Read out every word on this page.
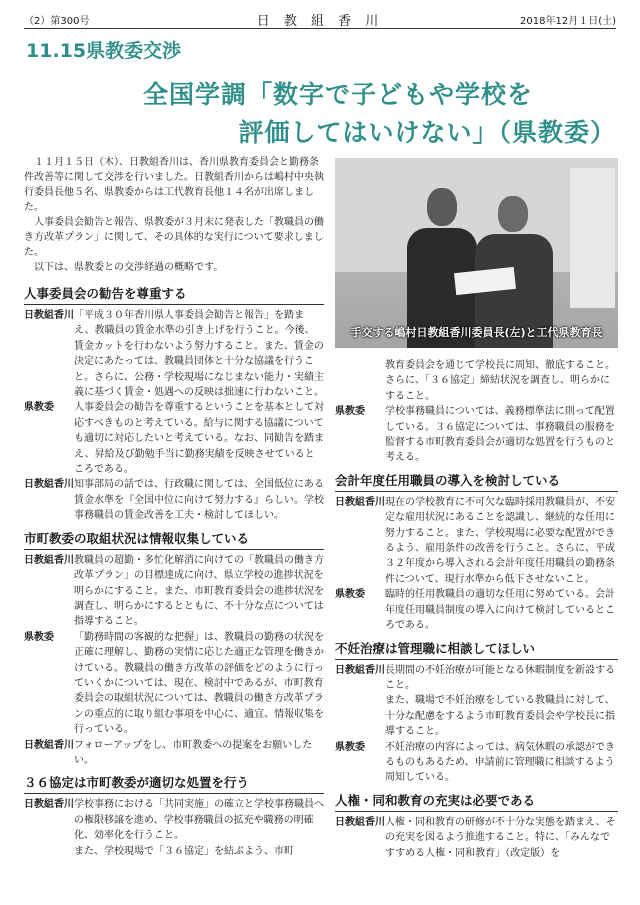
（2）第300号	日 教 組 香 川	2018年12月１日(土)
11.15県教委交渉
全国学調「数字で子どもや学校を
評価してはいけない」（県教委）

１１月１５日（木）、日教組香川は、香川県教育委員会と勤務条件改善等に関して交渉を行いました。日教組香川からは嶋村中央執行委員長他５名、県教委からは工代教育長他１４名が出席しました。

人事委員会勧告と報告、県教委が３月末に発表した「教職員の働き方改革プラン」に関して、その具体的な実行について要求しました。

以下は、県教委との交渉経過の概略です。

手交する嶋村日教組香川委員長(左)と工代県教育長
人事委員会の勧告を尊重する

日教組香川「平成３０年香川県人事委員会勧告と報告」を踏まえ、教職員の賃金水準の引き上げを行うこと。今後、賃金カットを行わないよう努力すること。また、賃金の決定にあたっては、教職員団体と十分な協議を行うこと。さらに、公務・学校現場になじまない能力・実績主義に基づく賃金・処遇への反映は拙速に行わないこと。

県教委 人事委員会の勧告を尊重するということを基本として対応すべきものと考えている。給与に関する協議についても適切に対応したいと考えている。なお、同勧告を踏まえ、昇給及び勤勉手当に勤務実績を反映させているところである。

日教組香川知事部局の話では、行政職に関しては、全国低位にある賃金水準を『全国中位に向けて努力する』らしい。学校事務職員の賃金改善を工夫・検討してほしい。

市町教委の取組状況は情報収集している

日教組香川教職員の超勤・多忙化解消に向けての「教職員の働き方改革プラン」の目標達成に向け、県立学校の進捗状況を明らかにすること。また、市町教育委員会の進捗状況を調査し、明らかにするとともに、不十分な点については指導すること。

県教委 「勤務時間の客観的な把握」は、教職員の勤務の状況を正確に理解し、勤務の実情に応じた適正な管理を働きかけている。教職員の働き方改革の評価をどのように行っていくかについては、現在、検討中であるが、市町教育委員会の取組状況については、教職員の働き方改革プランの重点的に取り組む事項を中心に、適宜、情報収集を行っている。

日教組香川フォローアップをし、市町教委への提案をお願いしたい。

３６協定は市町教委が適切な処置を行う

日教組香川学校事務における「共同実施」の確立と学校事務職員への権限移譲を進め、学校事務職員の拡充や職務の明確化、効率化を行うこと。

また、学校現場で「３６協定」を結ぶよう、市町

教育委員会を通じて学校長に周知、徹底すること。

さらに、「３６協定」締結状況を調査し、明らかにすること。

県教委 学校事務職員については、義務標準法に則って配置している。３６協定については、事務職員の服務を監督する市町教育委員会が適切な処置を行うものと考える。

会計年度任用職員の導入を検討している

日教組香川現在の学校教育に不可欠な臨時採用教職員が、不安定な雇用状況にあることを認識し、継続的な任用に努力すること。また、学校現場に必要な配置ができるよう、雇用条件の改善を行うこと。さらに、平成３２年度から導入される会計年度任用職員の勤務条件について、現行水準から低下させないこと。

県教委 臨時的任用教職員の適切な任用に努めている。会計年度任用職員制度の導入に向けて検討しているところである。

不妊治療は管理職に相談してほしい

日教組香川長期間の不妊治療が可能となる休暇制度を新設すること。

また、職場で不妊治療をしている教職員に対して、十分な配慮をするよう市町教育委員会や学校長に指導すること。

県教委 不妊治療の内容によっては、病気休暇の承認ができるものもあるため、申請前に管理職に相談するよう周知している。

人権・同和教育の充実は必要である

日教組香川人権・同和教育の研修が不十分な実態を踏まえ、その充実を図るよう推進すること。特に、「みんなですすめる人権・同和教育」（改定版）を
